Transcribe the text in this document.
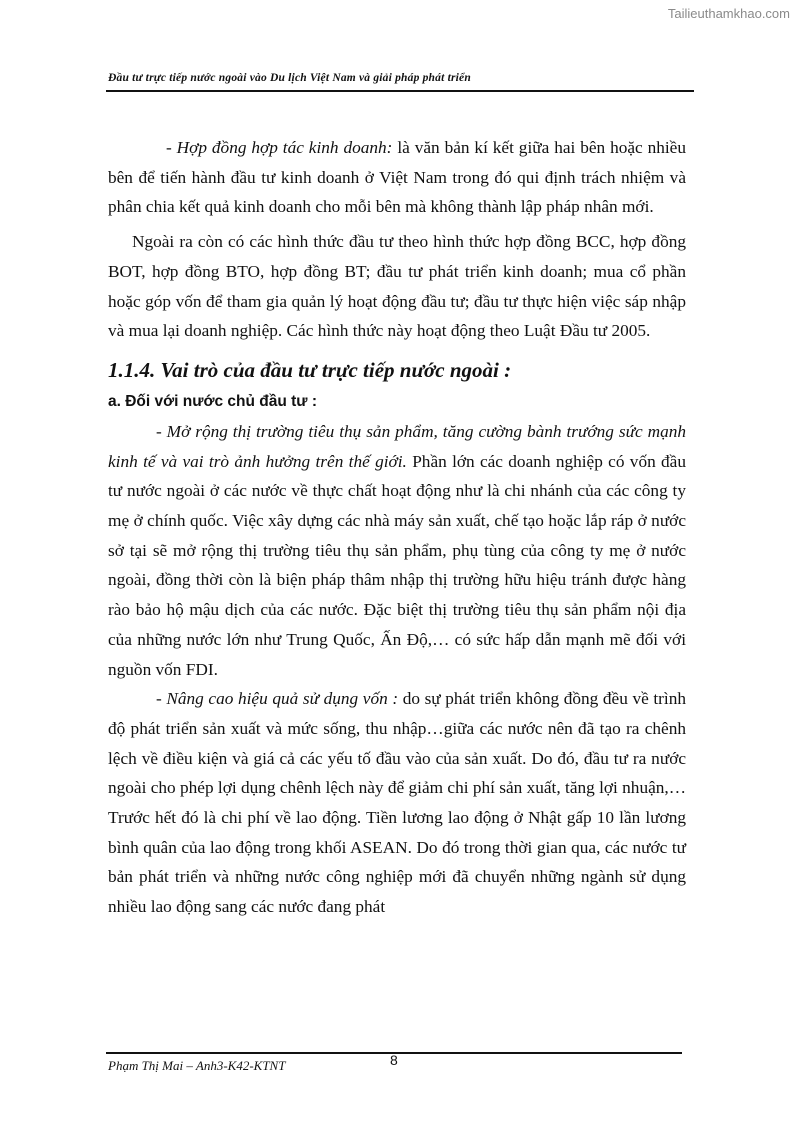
Tailieuthamkhao.com
Đầu tư trực tiếp nước ngoài vào Du lịch Việt Nam và giải pháp phát triển

- Hợp đồng hợp tác kinh doanh: là văn bản kí kết giữa hai bên hoặc nhiều bên để tiến hành đầu tư kinh doanh ở Việt Nam trong đó qui định trách nhiệm và phân chia kết quả kinh doanh cho mỗi bên mà không thành lập pháp nhân mới.

Ngoài ra còn có các hình thức đầu tư theo hình thức hợp đồng BCC, hợp đồng BOT, hợp đồng BTO, hợp đồng BT; đầu tư phát triển kinh doanh; mua cổ phần hoặc góp vốn để tham gia quản lý hoạt động đầu tư; đầu tư thực hiện việc sáp nhập và mua lại doanh nghiệp. Các hình thức này hoạt động theo Luật Đầu tư 2005.

1.1.4. Vai trò của đầu tư trực tiếp nước ngoài :
a. Đối với nước chủ đầu tư :

- Mở rộng thị trường tiêu thụ sản phẩm, tăng cường bành trướng sức mạnh kinh tế và vai trò ảnh hưởng trên thế giới. Phần lớn các doanh nghiệp có vốn đầu tư nước ngoài ở các nước về thực chất hoạt động như là chi nhánh của các công ty mẹ ở chính quốc. Việc xây dựng các nhà máy sản xuất, chế tạo hoặc lắp ráp ở nước sở tại sẽ mở rộng thị trường tiêu thụ sản phẩm, phụ tùng của công ty mẹ ở nước ngoài, đồng thời còn là biện pháp thâm nhập thị trường hữu hiệu tránh được hàng rào bảo hộ mậu dịch của các nước. Đặc biệt thị trường tiêu thụ sản phẩm nội địa của những nước lớn như Trung Quốc, Ấn Độ,… có sức hấp dẫn mạnh mẽ đối với nguồn vốn FDI.

- Nâng cao hiệu quả sử dụng vốn : do sự phát triển không đồng đều về trình độ phát triển sản xuất và mức sống, thu nhập…giữa các nước nên đã tạo ra chênh lệch về điều kiện và giá cả các yếu tố đầu vào của sản xuất. Do đó, đầu tư ra nước ngoài cho phép lợi dụng chênh lệch này để giảm chi phí sản xuất, tăng lợi nhuận,…Trước hết đó là chi phí về lao động. Tiền lương lao động ở Nhật gấp 10 lần lương bình quân của lao động trong khối ASEAN. Do đó trong thời gian qua, các nước tư bản phát triển và những nước công nghiệp mới đã chuyển những ngành sử dụng nhiều lao động sang các nước đang phát

Phạm Thị Mai – Anh3-K42-KTNT	8
